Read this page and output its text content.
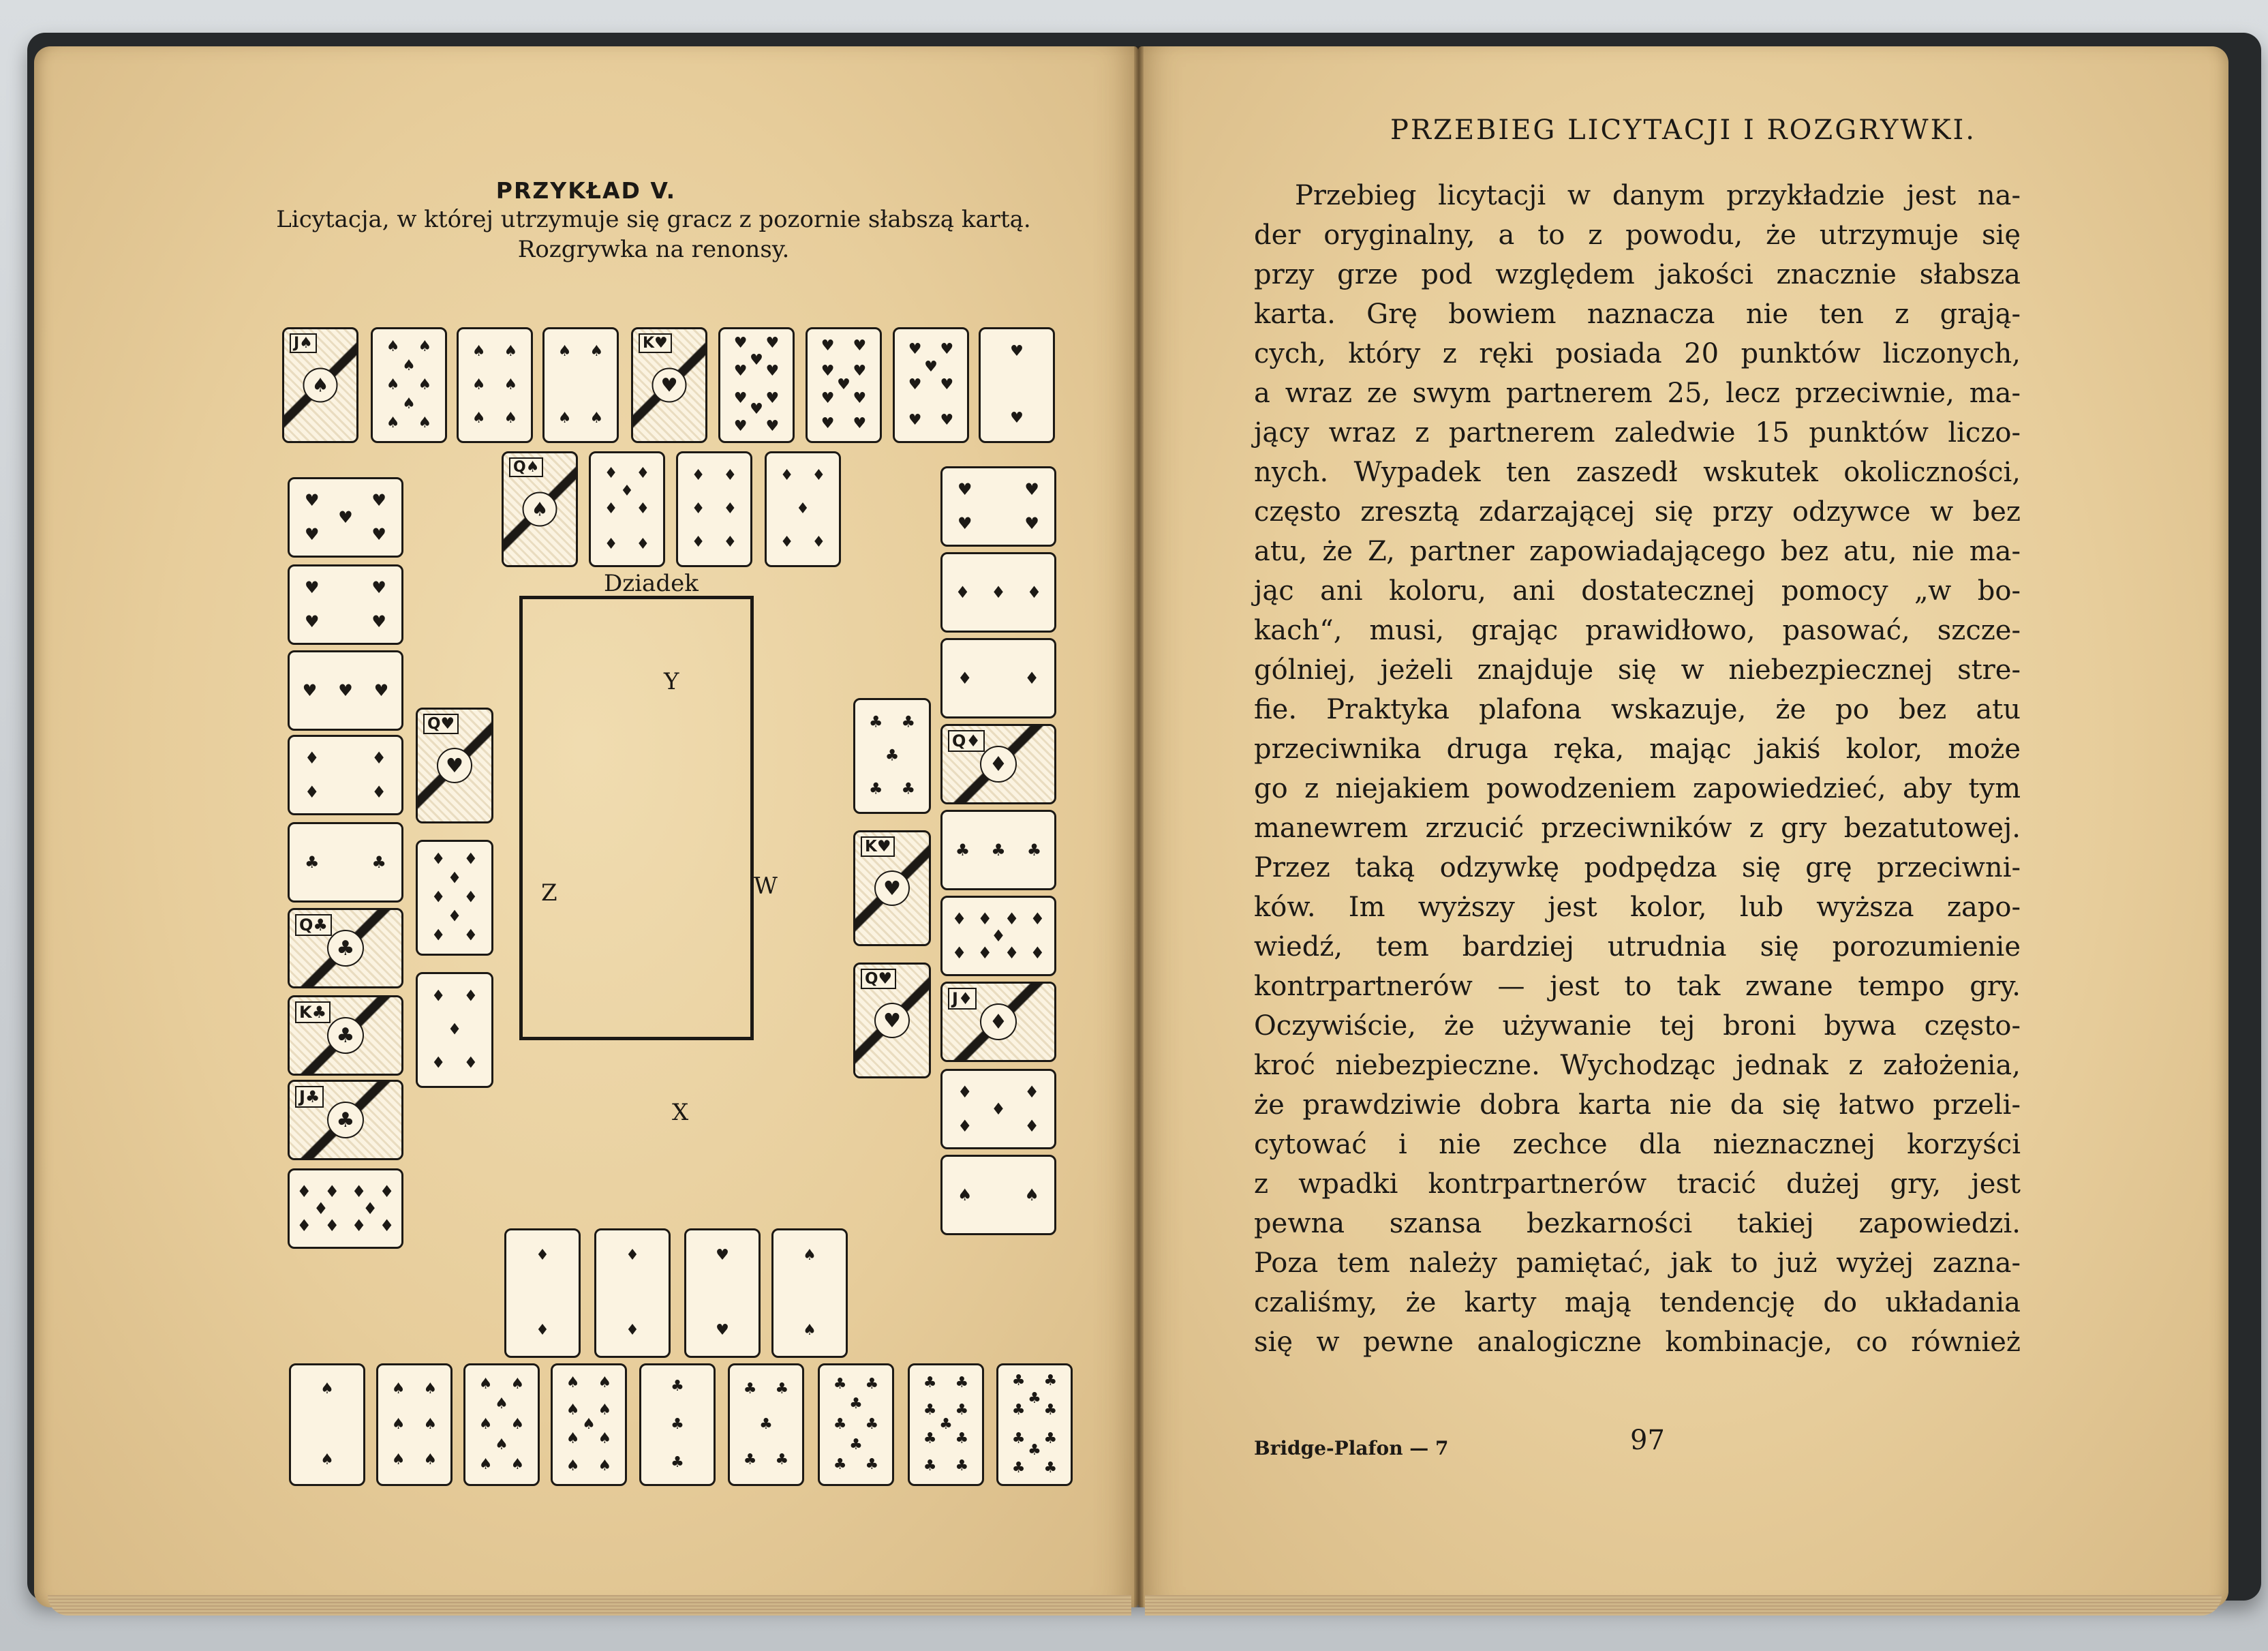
PRZYKŁAD V.
Licytacja, w której utrzymuje się gracz z pozornie słabszą kartą. Rozgrywka na renonsy.
Dziadek
Y
Z	W
X
J♠
♠
♠ ♠
♠
♠ ♠
♠
♠ ♠
♠ ♠
♠ ♠
♠ ♠
♠ ♠
♠ ♠
K♥
♥
♥ ♥
♥
♥ ♥
♥ ♥
♥
♥ ♥
♥ ♥
♥ ♥
♥
♥ ♥
♥ ♥
♥ ♥
♥
♥ ♥
♥ ♥
♥
♥
Q♠
♠
♦ ♦
♦
♦ ♦
♦ ♦
♦ ♦
♦ ♦
♦ ♦
♦ ♦
♦
♦ ♦
♥
♥
♥
♥
♥
♥
♥
♥
♥
♥ ♥ ♥
♦
♦
♦
♦
♣	♣
Q♣
♣
K♣
♣
J♣
♣
♦
♦
♦
♦
♦
♦
♦
♦
♦
♦
♥
♥
♥
♥
♦ ♦ ♦
♦	♦
Q♦
♦
♣ ♣ ♣
♦
♦
♦
♦
♦
♦
♦
♦
♦
J♦
♦
♦
♦
♦
♦
♦
♠	♠
Q♥
♥
♦ ♦
♦
♦ ♦
♦
♦ ♦
♦ ♦
♦
♦ ♦
♣ ♣
♣
♣ ♣
K♥
♥
Q♥
♥
♦
♦
♦
♦
♥
♥
♠
♠
♠
♠
♠ ♠
♠ ♠
♠ ♠
♠ ♠
♠
♠ ♠
♠
♠ ♠
♠ ♠
♠ ♠
♠
♠ ♠
♠ ♠
♣
♣
♣
♣ ♣
♣
♣ ♣
♣ ♣
♣
♣ ♣
♣
♣ ♣
♣ ♣
♣ ♣
♣
♣ ♣
♣ ♣
♣ ♣
♣
♣ ♣
♣ ♣
♣
♣ ♣
PRZEBIEG LICYTACJI I ROZGRYWKI.
Przebieg licytacji w danym przykładzie jest na-
der oryginalny, a to z powodu, że utrzymuje się
przy grze pod względem jakości znacznie słabsza
karta. Grę bowiem naznacza nie ten z grają-
cych, który z ręki posiada 20 punktów liczonych,
a wraz ze swym partnerem 25, lecz przeciwnie, ma-
jący wraz z partnerem zaledwie 15 punktów liczo-
nych. Wypadek ten zaszedł wskutek okoliczności,
często zresztą zdarzającej się przy odzywce w bez
atu, że Z, partner zapowiadającego bez atu, nie ma-
jąc ani koloru, ani dostatecznej pomocy „w bo-
kach“, musi, grając prawidłowo, pasować, szcze-
gólniej, jeżeli znajduje się w niebezpiecznej stre-
fie. Praktyka plafona wskazuje, że po bez atu
przeciwnika druga ręka, mając jakiś kolor, może
go z niejakiem powodzeniem zapowiedzieć, aby tym
manewrem zrzucić przeciwników z gry bezatutowej.
Przez taką odzywkę podpędza się grę przeciwni-
ków. Im wyższy jest kolor, lub wyższa zapo-
wiedź, tem bardziej utrudnia się porozumienie
kontrpartnerów — jest to tak zwane tempo gry.
Oczywiście, że używanie tej broni bywa często-
kroć niebezpieczne. Wychodząc jednak z założenia,
że prawdziwie dobra karta nie da się łatwo przeli-
cytować i nie zechce dla nieznacznej korzyści
z wpadki kontrpartnerów tracić dużej gry, jest
pewna szansa bezkarności takiej zapowiedzi.
Poza tem należy pamiętać, jak to już wyżej zazna-
czaliśmy, że karty mają tendencję do układania
się w pewne analogiczne kombinacje, co również
Bridge-Plafon — 7	97
